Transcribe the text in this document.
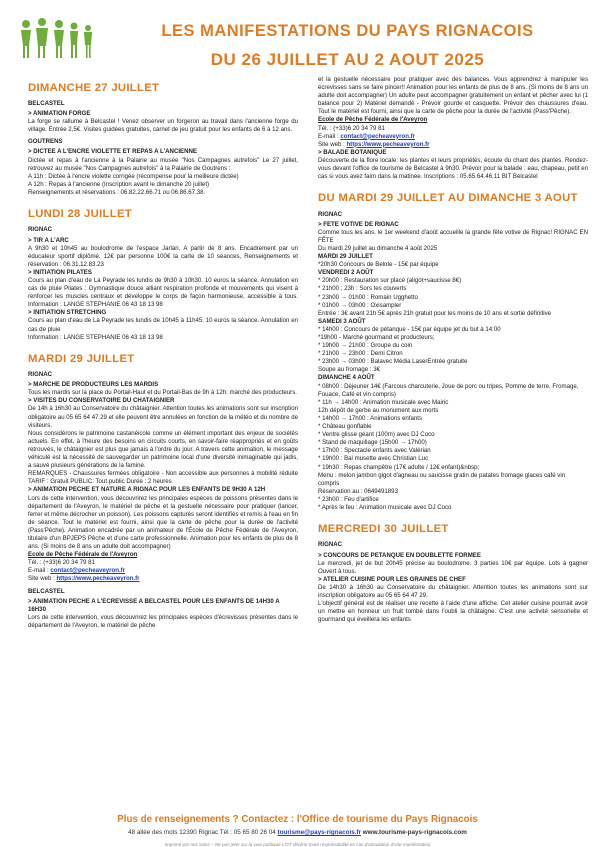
LES MANIFESTATIONS DU PAYS RIGNACOIS
DU 26 JUILLET AU 2 AOUT 2025
DIMANCHE 27 JUILLET
BELCASTEL
> ANIMATION FORGE
La forge se rallume à Belcastel ! Venez observer un forgeron au travail dans l'ancienne forge du village. Entrée 2,5€. Visites guidées gratuites, carnet de jeu gratuit pour les enfants de 6 à 12 ans.
GOUTRENS
> DICTEE A L'ENCRE VIOLETTE ET REPAS A L'ANCIENNE
Dictée et repas à l'ancienne à la Palairie au musée "Nos Campagnes autrefois" Le 27 juillet, retrouvez au musée "Nos Campagnes autrefois" à la Palairie de Goutrens :
A 11h : Dictée à l'encre violette corrigée (récompense pour la meilleure dictée)
A 12h : Repas à l'ancienne (Inscription avant le dimanche 20 juillet)
Renseignements et réservations : 06.82.22.66.71 ou 06.86.67.38.
LUNDI 28 JUILLET
RIGNAC
> TIR A L'ARC
A 9h30 et 10h45 au boulodrome de l'espace Jarlan. A partir de 8 ans. Encadrement par un éducateur sportif diplômé. 12€ par personne 100€ la carte de 10 séances, Renseignements et réservation : 06.31.12.83.23
> INITIATION PILATES
Cours au plan d'eau de La Peyrade les lundis de 9h30 à 10h30. 10 euros la séance. Annulation en cas de pluie Pilates : Gymnastique douce alliant respiration profonde et mouvements qui visent à renforcer les muscles centraux et développe le corps de façon harmonieuse, accessible à tous. Information : LANGE STEPHANIE 06 43 18 13 98
> INITIATION STRETCHING
Cours au plan d'eau de La Peyrade les lundis de 10h45 à 11h45. 10 euros la séance. Annulation en cas de pluie
Information : LANGE STEPHANIE 06 43 18 13 98
MARDI 29 JUILLET
RIGNAC
> MARCHE DE PRODUCTEURS LES MARDIS
Tous les mardis sur la place du Portail-Haut et du Portail-Bas de 9h à 12h: marché des producteurs.
> VISITES DU CONSERVATOIRE DU CHATAIGNIER
De 14h à 16h30 au Conservatoire du châtaignier. Attention toutes les animations sont sur inscription obligatoire au 05 65 64 47 29 et elle peuvent être annulées en fonction de la météo et du nombre de visiteurs.
Nous considérons le patrimoine castanéicole comme un élément important des enjeux de sociétés actuels. En effet, à l'heure des besoins en circuits courts, en savoir-faire réappropriés et en goûts retrouvés, le châtaignier est plus que jamais à l'ordre du jour. A travers cette animation, le message véhiculé est la nécessité de sauvegarder un patrimoine local d'une diversité inimaginable qui jadis, a sauvé plusieurs générations de la famine.
REMARQUES - Chaussures fermées obligatoire - Non accessible aux personnes à mobilité réduite TARIF : Gratuit PUBLIC: Tout public Durée : 2 heures
> ANIMATION PECHE ET NATURE A RIGNAC POUR LES ENFANTS DE 9H30 A 12H
Lors de cette intervention, vous découvrirez les principales espèces de poissons présentes dans le département de l'Aveyron, le matériel de pêche et la gestuelle nécessaire pour pratiquer (lancer, ferrer et même décrocher un poisson). Les poissons capturés seront identifiés et remis à l'eau en fin de séance. Tout le matériel est fourni, ainsi que la carte de pêche pour la durée de l'activité (Pass'Pêche). Animation encadrée par un animateur de l'École de Pêche Fédérale de l'Aveyron, titulaire d'un BPJEPS Pêche et d'une carte professionnelle. Animation pour les enfants de plus de 8 ans. (Si moins de 8 ans un adulte doit accompagner)
Ecole de Pêche Fédérale de l'Aveyron
Tél. : (+33)6 20 34 79 81
E-mail : contact@pecheaveyron.fr
Site web : https://www.pecheaveyron.fr
BELCASTEL
> ANIMATION PECHE A L'ECREVISSE A BELCASTEL POUR LES ENFANTS DE 14H30 A 16H30
Lors de cette intervention, vous découvrirez les principales espèces d'écrevisses présentes dans le département de l'Aveyron, le matériel de pêche
et la gestuelle nécessaire pour pratiquer avec des balances. Vous apprendrez à manipuler les écrevisses sans se faire pincer!! Animation pour les enfants de plus de 8 ans. (Si moins de 8 ans un adulte doit accompagner) Un adulte peut accompagner gratuitement un enfant et pêcher avec lui (1 balance pour 2) Matériel demandé - Prévoir gourde et casquette. Prévoir des chaussures d'eau. Tout le matériel est fourni, ainsi que la carte de pêche pour la durée de l'activité (Pass'Pêche).
Ecole de Pêche Fédérale de l'Aveyron
Tél. : (+33)6 20 34 79 81
E-mail : contact@pecheaveyron.fr
Site web : https://www.pecheaveyron.fr
> BALADE BOTANIQUE
Découverte de la flore locale: les plantes et leurs propriétés, écoute du chant des plantes. Rendez-vous devant l'office de tourisme de Belcastel à 9h30. Prévoir pour la balade : eau, chapeau, petit en cas si vous avez faim dans la matinée. Inscriptions : 05.65.64.46.11 BIT Belcastel
DU MARDI 29 JUILLET AU DIMANCHE 3 AOUT
RIGNAC
> FETE VOTIVE DE RIGNAC
Comme tous les ans, le 1er weekend d'août accueille la grande fête votive de Rignac! RIGNAC EN FÊTE
Du mardi 29 juillet au dimanche 4 août 2025
MARDI 29 JUILLET
*20h30 Concours de Belote - 15€ par équipe
VENDREDI 2 AOÛT
* 20h00 : Restauration sur place (aligot+saucisse 8€)
* 21h00 ; 23h : Sors tes couverts
* 23h00 → 01h00 : Romain Ugghetto
* 01h00 → 03h00 : Oxisampler
Entrée : 3€ avant 21h 5€ après 21h gratuit pour les moins de 10 ans et sortie définitive
SAMEDI 3 AOÛT
* 14h00 : Concours de pétanque - 15€ par équipe jet du but à 14:00
*19h00 - Marché gourmand et producteurs;
* 19h00 → 21h00 : Groupe du coin
* 21h00 → 23h00 : Demi Citron
* 23h00 → 03h00 : Balavec Média LaserEntrée gratuite
Soupe au fromage : 3€
DIMANCHE 4 AOÛT
* 08h00 : Déjeuner 14€ (Farcous charcuterie, Joue de porc ou tripes, Pomme de terre, Fromage, Fouace, Café et vin compris)
* 11h → 14h00 : Animation musicale avec Mairic
12h dépôt de gerbe au monument aux morts
* 14h00 → 17h00 : Animations enfants
* Château gonflable
* Ventre glisse géant (100m) avec DJ Coco
* Stand de maquillage (15h00 → 17h00)
* 17h00 : Spectacle enfants avec Valérian
* 19h00 : Bal musette avec Christian Luc
* 19h30 : Repas champêtre (17€ adulte / 12€ enfant)&nbsp;
Menu : melon jambon gigot d'agneau ou saucisse gratin de patates fromage glaces café vin compris
Réservation au : 0649491893
* 23h00 : Feu d'artifice
* Après le feu : Animation musicale avec DJ Coco
MERCREDI 30 JUILLET
RIGNAC
> CONCOURS DE PETANQUE EN DOUBLETTE FORMEE
Le mercredi, jet de but 20h45 précise au boulodrome. 3 parties 10€ par équipe. Lots à gagner Ouvert à tous.
> ATELIER CUISINE POUR LES GRAINES DE CHEF
De 14h30 à 16h30 au Conservatoire du châtaignier. Attention toutes les animations sont sur inscription obligatoire au 05 65 64 47 29.
L'objectif général est de réaliser une recette à l'aide d'une affiche. Cet atelier cuisine pourrait avoir un mettre en honneur un fruit tombé dans l'oubli la châtaigne. C'est une activité sensorielle et gourmand qui éveillera les enfants
Plus de renseignements ? Contactez : l'Office de tourisme du Pays Rignacois
48 allée des mots 12390 Rignac Tél : 05 65 80 26 04 tourisme@pays-rignacois.fr www.tourisme-pays-rignacois.com
Imprimé par nos soins – Ne pas jeter sur la voie publique L'OT décline toute responsabilité en cas d'annulation d'une manifestation
